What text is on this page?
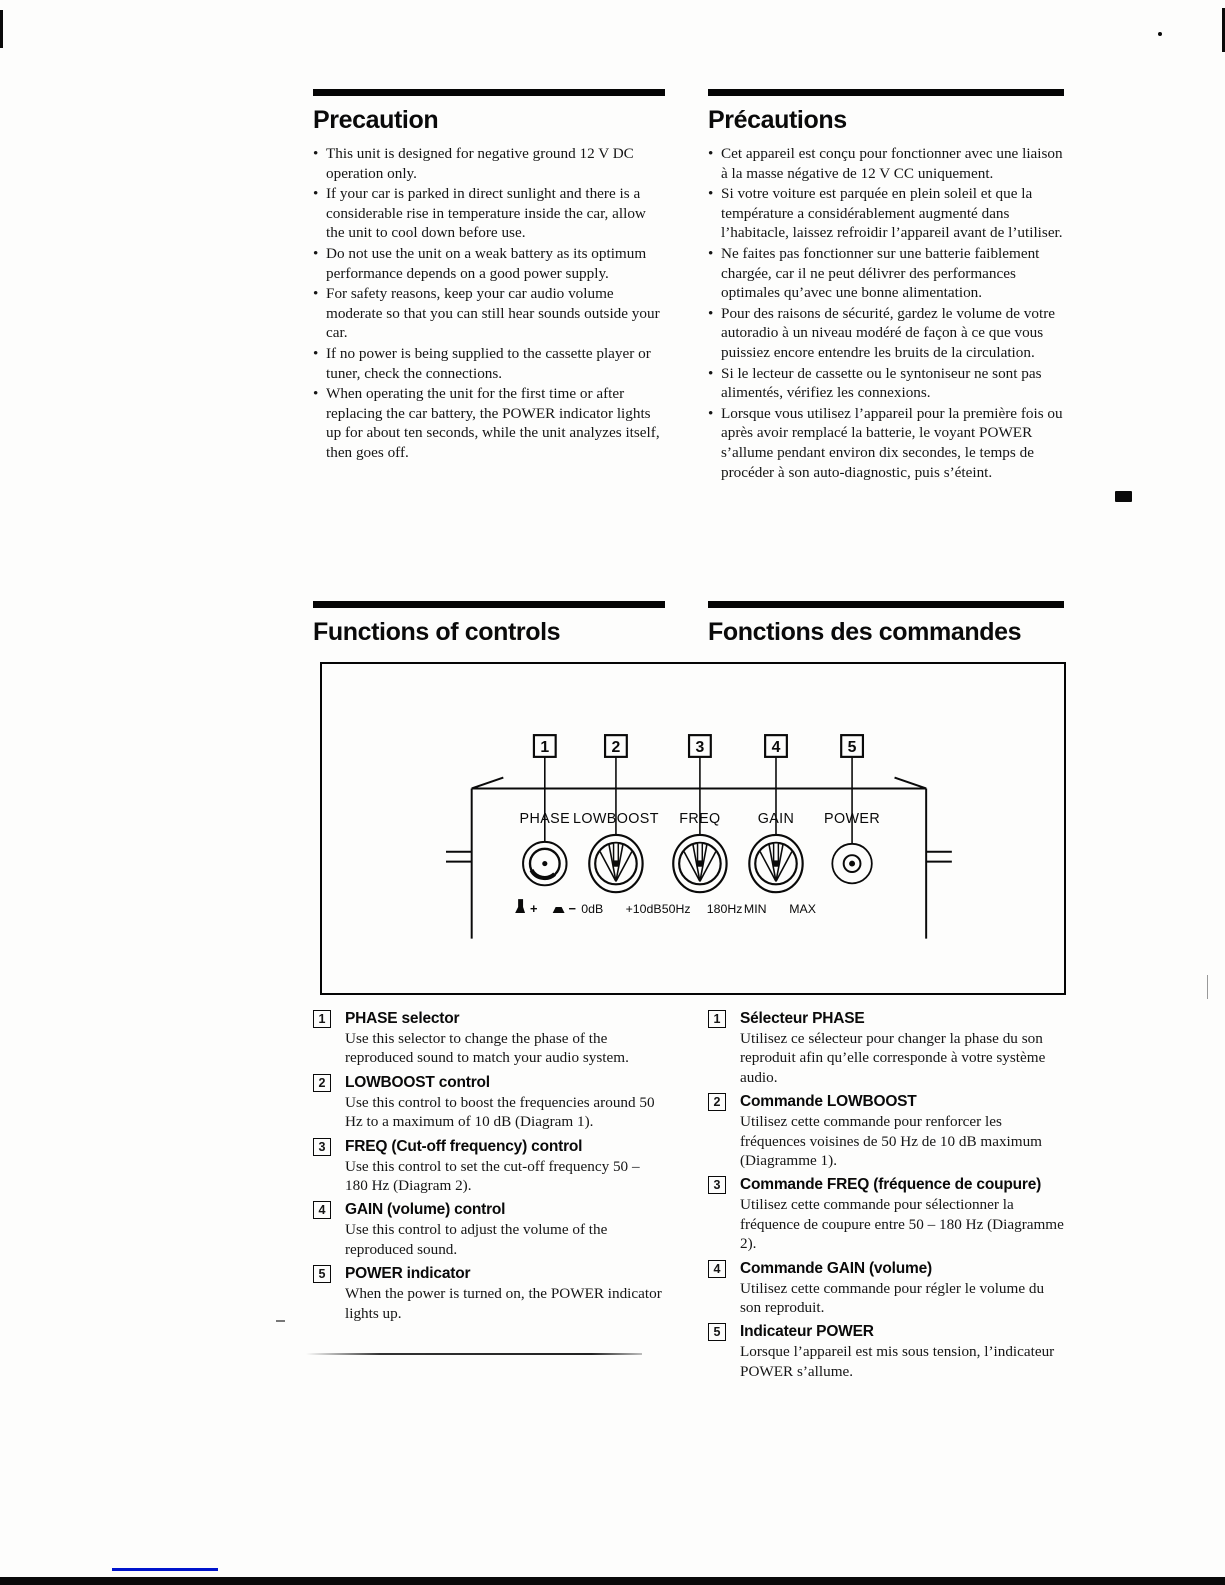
Precaution
• This unit is designed for negative ground 12 V DC operation only.
• If your car is parked in direct sunlight and there is a considerable rise in temperature inside the car, allow the unit to cool down before use.
• Do not use the unit on a weak battery as its optimum performance depends on a good power supply.
• For safety reasons, keep your car audio volume moderate so that you can still hear sounds outside your car.
• If no power is being supplied to the cassette player or tuner, check the connections.
• When operating the unit for the first time or after replacing the car battery, the POWER indicator lights up for about ten seconds, while the unit analyzes itself, then goes off.
Précautions
• Cet appareil est conçu pour fonctionner avec une liaison à la masse négative de 12 V CC uniquement.
• Si votre voiture est parquée en plein soleil et que la température a considérablement augmenté dans l’habitacle, laissez refroidir l’appareil avant de l’utiliser.
• Ne faites pas fonctionner sur une batterie faiblement chargée, car il ne peut délivrer des performances optimales qu’avec une bonne alimentation.
• Pour des raisons de sécurité, gardez le volume de votre autoradio à un niveau modéré de façon à ce que vous puissiez encore entendre les bruits de la circulation.
• Si le lecteur de cassette ou le syntoniseur ne sont pas alimentés, vérifiez les connexions.
• Lorsque vous utilisez l’appareil pour la première fois ou après avoir remplacé la batterie, le voyant POWER s’allume pendant environ dix secondes, le temps de procéder à son auto-diagnostic, puis s’éteint.
Functions of controls	Fonctions des commandes
1	2	3	4	5
PHASE LOWBOOST FREQ	GAIN POWER
+ − 0dB +10dB 50Hz 180Hz MIN MAX
1	PHASE selector

Use this selector to change the phase of the reproduced sound to match your audio system.

2	LOWBOOST control

Use this control to boost the frequencies around 50 Hz to a maximum of 10 dB (Diagram 1).

3	FREQ (Cut-off frequency) control

Use this control to set the cut-off frequency 50 – 180 Hz (Diagram 2).

4	GAIN (volume) control

Use this control to adjust the volume of the reproduced sound.

5	POWER indicator

When the power is turned on, the POWER indicator lights up.

1	Sélecteur PHASE

Utilisez ce sélecteur pour changer la phase du son reproduit afin qu’elle corresponde à votre système audio.

2	Commande LOWBOOST

Utilisez cette commande pour renforcer les fréquences voisines de 50 Hz de 10 dB maximum (Diagramme 1).

3	Commande FREQ (fréquence de coupure)

Utilisez cette commande pour sélectionner la fréquence de coupure entre 50 – 180 Hz (Diagramme 2).

4	Commande GAIN (volume)

Utilisez cette commande pour régler le volume du son reproduit.

5	Indicateur POWER

Lorsque l’appareil est mis sous tension, l’indicateur POWER s’allume.
